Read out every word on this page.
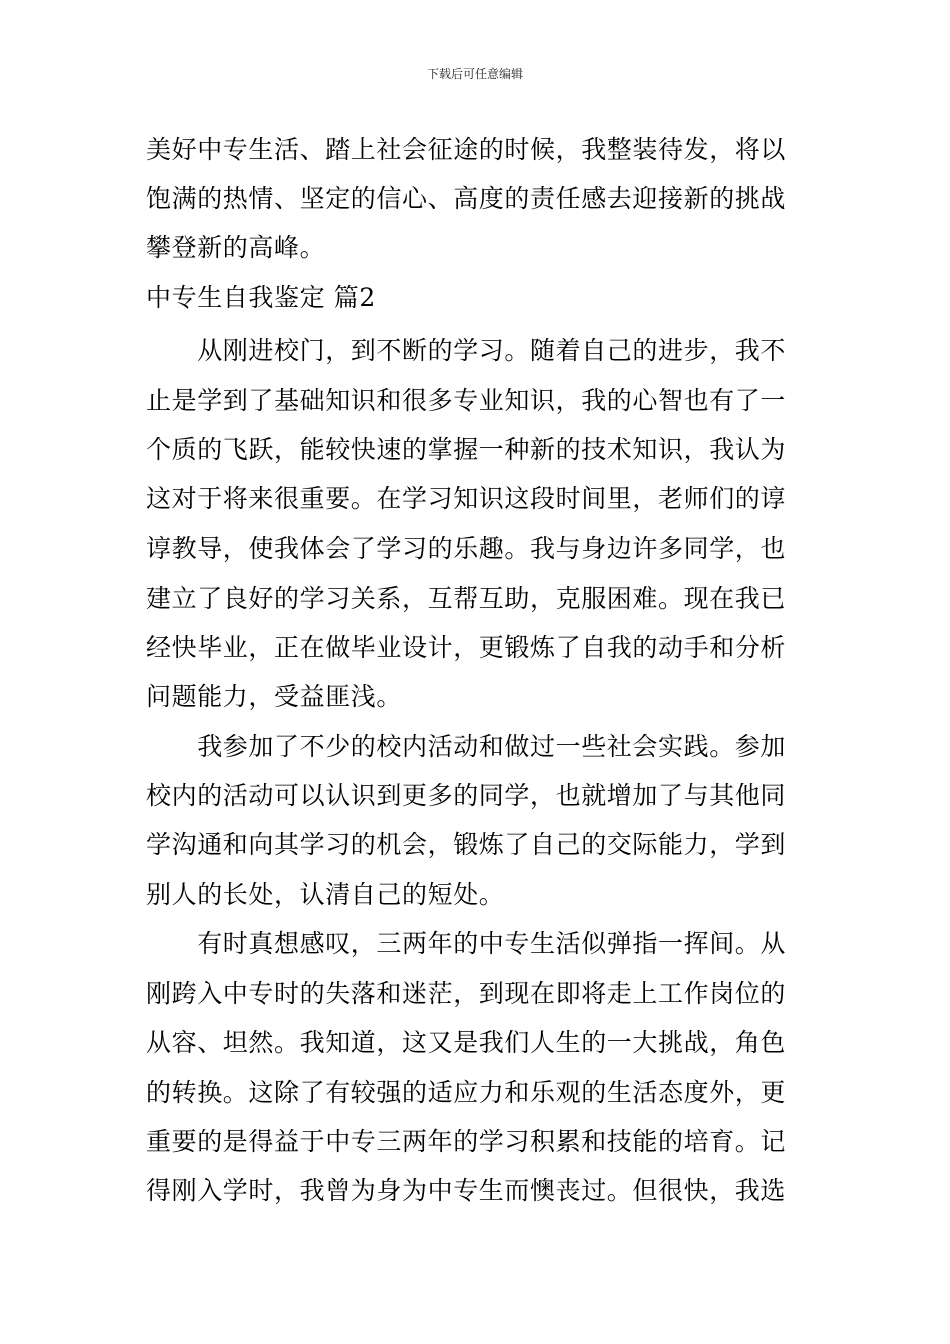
下载后可任意编辑
美好中专生活、踏上社会征途的时候，我整装待发，将以
饱满的热情、坚定的信心、高度的责任感去迎接新的挑战
攀登新的高峰。
中专生自我鉴定 篇2
　　从刚进校门，到不断的学习。随着自己的进步，我不
止是学到了基础知识和很多专业知识，我的心智也有了一
个质的飞跃，能较快速的掌握一种新的技术知识，我认为
这对于将来很重要。在学习知识这段时间里，老师们的谆
谆教导，使我体会了学习的乐趣。我与身边许多同学，也
建立了良好的学习关系，互帮互助，克服困难。现在我已
经快毕业，正在做毕业设计，更锻炼了自我的动手和分析
问题能力，受益匪浅。
　　我参加了不少的校内活动和做过一些社会实践。参加
校内的活动可以认识到更多的同学，也就增加了与其他同
学沟通和向其学习的机会，锻炼了自己的交际能力，学到
别人的长处，认清自己的短处。
　　有时真想感叹，三两年的中专生活似弹指一挥间。从
刚跨入中专时的失落和迷茫，到现在即将走上工作岗位的
从容、坦然。我知道，这又是我们人生的一大挑战，角色
的转换。这除了有较强的适应力和乐观的生活态度外，更
重要的是得益于中专三两年的学习积累和技能的培育。记
得刚入学时，我曾为身为中专生而懊丧过。但很快，我选
